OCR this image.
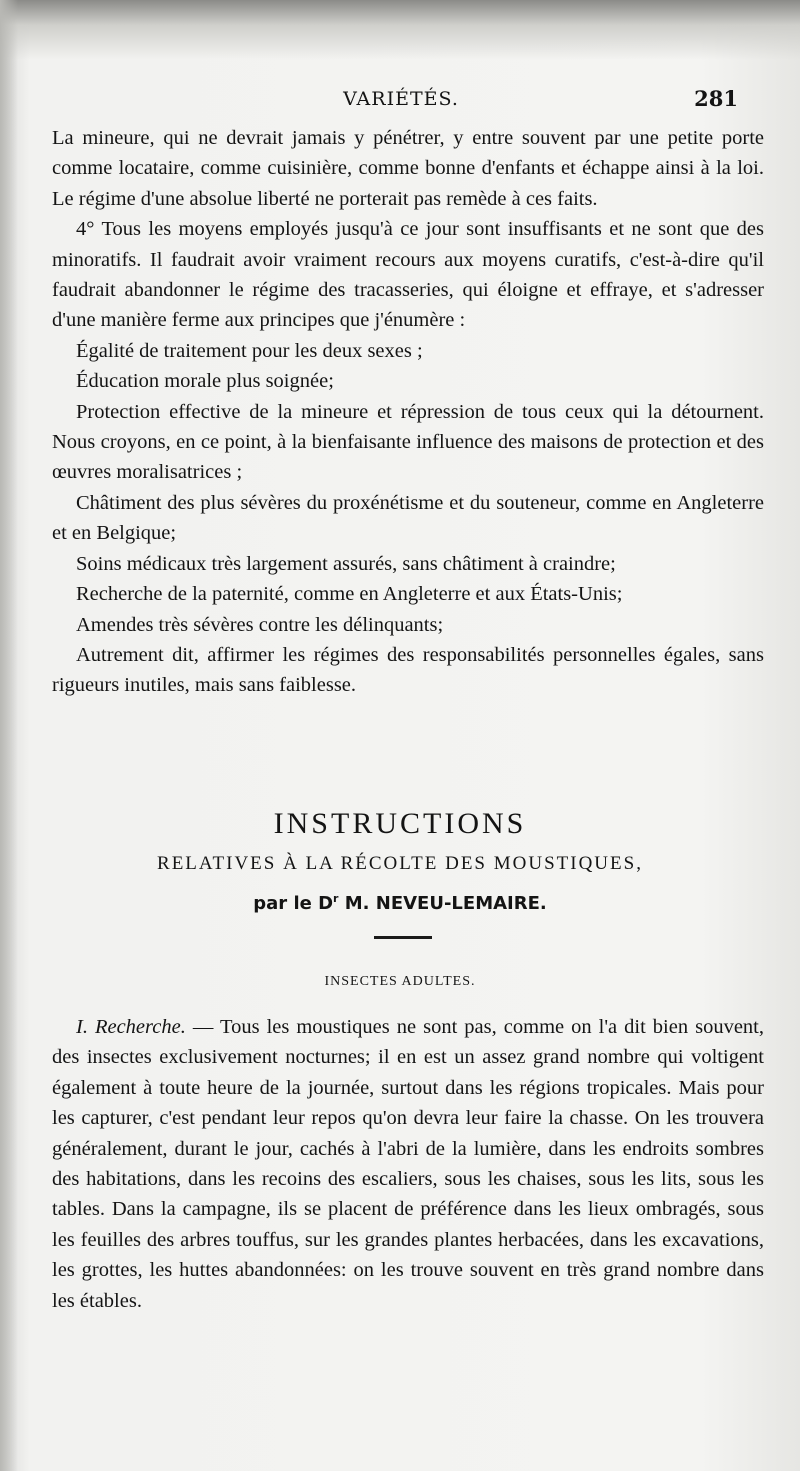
VARIÉTÉS.	281

La mineure, qui ne devrait jamais y pénétrer, y entre souvent par une petite porte comme locataire, comme cuisinière, comme bonne d'enfants et échappe ainsi à la loi. Le régime d'une absolue liberté ne porterait pas remède à ces faits.

4° Tous les moyens employés jusqu'à ce jour sont insuffisants et ne sont que des minoratifs. Il faudrait avoir vraiment recours aux moyens curatifs, c'est-à-dire qu'il faudrait abandonner le régime des tracasseries, qui éloigne et effraye, et s'adresser d'une manière ferme aux principes que j'énumère :

Égalité de traitement pour les deux sexes ;

Éducation morale plus soignée;

Protection effective de la mineure et répression de tous ceux qui la détournent. Nous croyons, en ce point, à la bienfaisante influence des maisons de protection et des œuvres moralisatrices ;

Châtiment des plus sévères du proxénétisme et du souteneur, comme en Angleterre et en Belgique;

Soins médicaux très largement assurés, sans châtiment à craindre;

Recherche de la paternité, comme en Angleterre et aux États-Unis;

Amendes très sévères contre les délinquants;

Autrement dit, affirmer les régimes des responsabilités personnelles égales, sans rigueurs inutiles, mais sans faiblesse.

INSTRUCTIONS
RELATIVES À LA RÉCOLTE DES MOUSTIQUES,
par le $D^r$ M. NEVEU-LEMAIRE.
INSECTES ADULTES.

I. Recherche. — Tous les moustiques ne sont pas, comme on l'a dit bien souvent, des insectes exclusivement nocturnes; il en est un assez grand nombre qui voltigent également à toute heure de la journée, surtout dans les régions tropicales. Mais pour les capturer, c'est pendant leur repos qu'on devra leur faire la chasse. On les trouvera généralement, durant le jour, cachés à l'abri de la lumière, dans les endroits sombres des habitations, dans les recoins des escaliers, sous les chaises, sous les lits, sous les tables. Dans la campagne, ils se placent de préférence dans les lieux ombragés, sous les feuilles des arbres touffus, sur les grandes plantes herbacées, dans les excavations, les grottes, les huttes abandonnées: on les trouve souvent en très grand nombre dans les étables.
